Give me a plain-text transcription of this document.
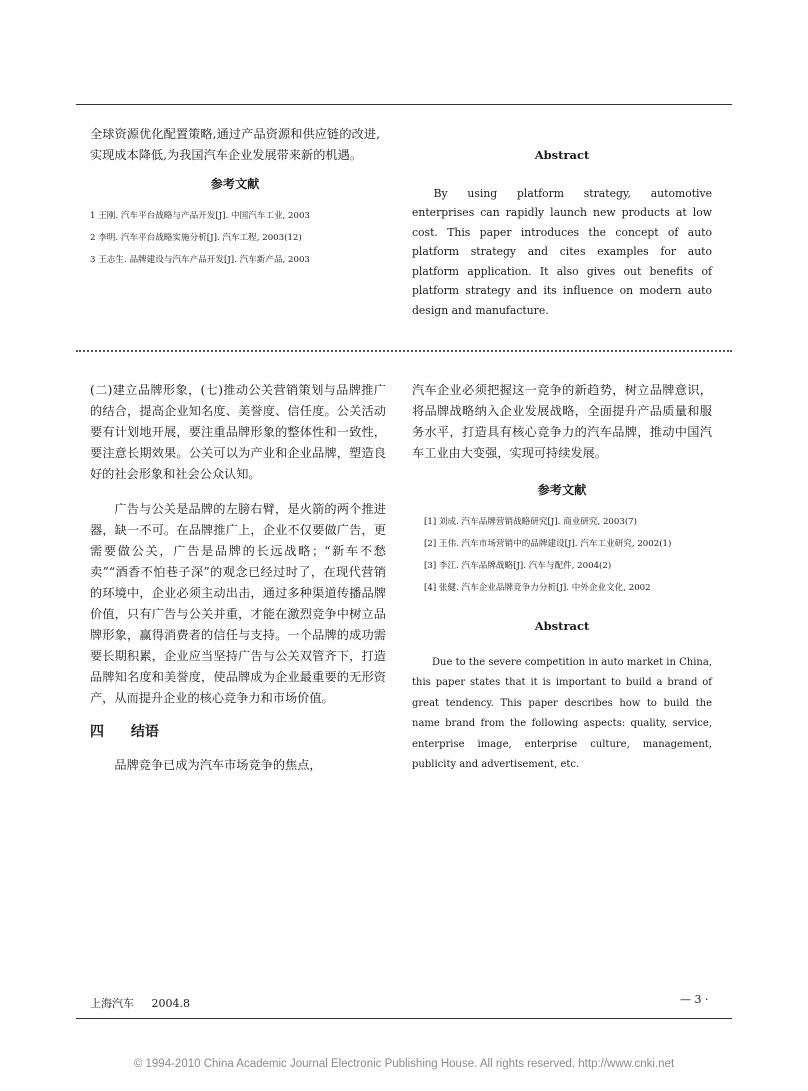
全球资源优化配置策略,通过产品资源和供应链的改进,实现成本降低,为我国汽车企业发展带来新的机遇。

参考文献

1 王刚. 汽车平台战略与产品开发[J]. 中国汽车工业, 2003

2 李明. 汽车平台战略实施分析[J]. 汽车工程, 2003(12)

3 王志生. 品牌建设与汽车产品开发[J]. 汽车新产品, 2003

Abstract

By using platform strategy, automotive enterprises can rapidly launch new products at low cost. This paper introduces the concept of auto platform strategy and cites examples for auto platform application. It also gives out benefits of platform strategy and its influence on modern auto design and manufacture.

(二)建立品牌形象，(七)推动公关营销策划与品牌推广的结合，提高企业知名度、美誉度、信任度。公关活动要有计划地开展，要注重品牌形象的整体性和一致性，要注意长期效果。公关可以为产业和企业品牌，塑造良好的社会形象和社会公众认知。

广告与公关是品牌的左膀右臂，是火箭的两个推进器，缺一不可。在品牌推广上，企业不仅要做广告，更需要做公关，广告是品牌的长远战略；“新车不愁卖”“酒香不怕巷子深”的观念已经过时了，在现代营销的环境中，企业必须主动出击，通过多种渠道传播品牌价值，只有广告与公关并重，才能在激烈竞争中树立品牌形象，赢得消费者的信任与支持。一个品牌的成功需要长期积累，企业应当坚持广告与公关双管齐下，打造品牌知名度和美誉度，使品牌成为企业最重要的无形资产，从而提升企业的核心竞争力和市场价值。

四 结语

品牌竞争已成为汽车市场竞争的焦点，

汽车企业必须把握这一竞争的新趋势，树立品牌意识，将品牌战略纳入企业发展战略，全面提升产品质量和服务水平，打造具有核心竞争力的汽车品牌，推动中国汽车工业由大变强，实现可持续发展。

参考文献

[1] 刘成. 汽车品牌营销战略研究[J]. 商业研究, 2003(7)

[2] 王伟. 汽车市场营销中的品牌建设[J]. 汽车工业研究, 2002(1)

[3] 李江. 汽车品牌战略[J]. 汽车与配件, 2004(2)

[4] 张健. 汽车企业品牌竞争力分析[J]. 中外企业文化, 2002

Abstract

Due to the severe competition in auto market in China, this paper states that it is important to build a brand of great tendency. This paper describes how to build the name brand from the following aspects: quality, service, enterprise image, enterprise culture, management, publicity and advertisement, etc.

上海汽车 2004.8	— 3 ·
© 1994-2010 China Academic Journal Electronic Publishing House. All rights reserved. http://www.cnki.net
